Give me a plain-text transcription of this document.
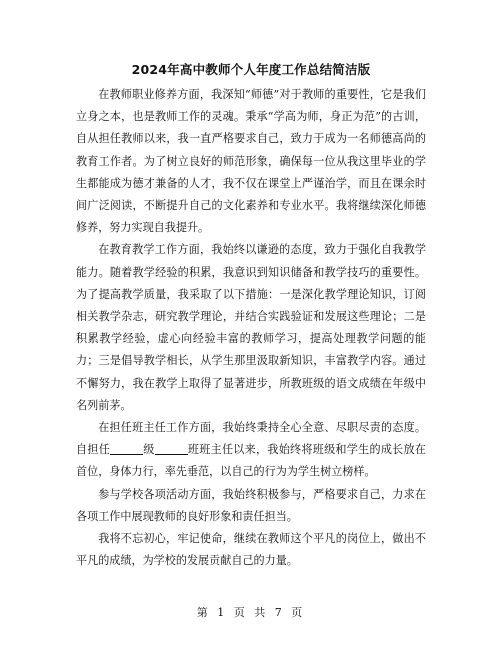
2024年高中教师个人年度工作总结简洁版

在教师职业修养方面，我深知“师德”对于教师的重要性，它是我们立身之本，也是教师工作的灵魂。秉承“学高为师，身正为范”的古训，自从担任教师以来，我一直严格要求自己，致力于成为一名师德高尚的教育工作者。为了树立良好的师范形象，确保每一位从我这里毕业的学生都能成为德才兼备的人才，我不仅在课堂上严谨治学，而且在课余时间广泛阅读，不断提升自己的文化素养和专业水平。我将继续深化师德修养，努力实现自我提升。

在教育教学工作方面，我始终以谦逊的态度，致力于强化自我教学能力。随着教学经验的积累，我意识到知识储备和教学技巧的重要性。为了提高教学质量，我采取了以下措施：一是深化教学理论知识，订阅相关教学杂志，研究教学理论，并结合实践验证和发展这些理论；二是积累教学经验，虚心向经验丰富的教师学习，提高处理教学问题的能力；三是倡导教学相长，从学生那里汲取新知识，丰富教学内容。通过不懈努力，我在教学上取得了显著进步，所教班级的语文成绩在年级中名列前茅。

在担任班主任工作方面，我始终秉持全心全意、尽职尽责的态度。自担任	级	班班主任以来，我始终将班级和学生的成长放在首位，身体力行，率先垂范，以自己的行为为学生树立榜样。

参与学校各项活动方面，我始终积极参与，严格要求自己，力求在各项工作中展现教师的良好形象和责任担当。

我将不忘初心，牢记使命，继续在教师这个平凡的岗位上，做出不平凡的成绩，为学校的发展贡献自己的力量。

第 1 页 共 7 页
